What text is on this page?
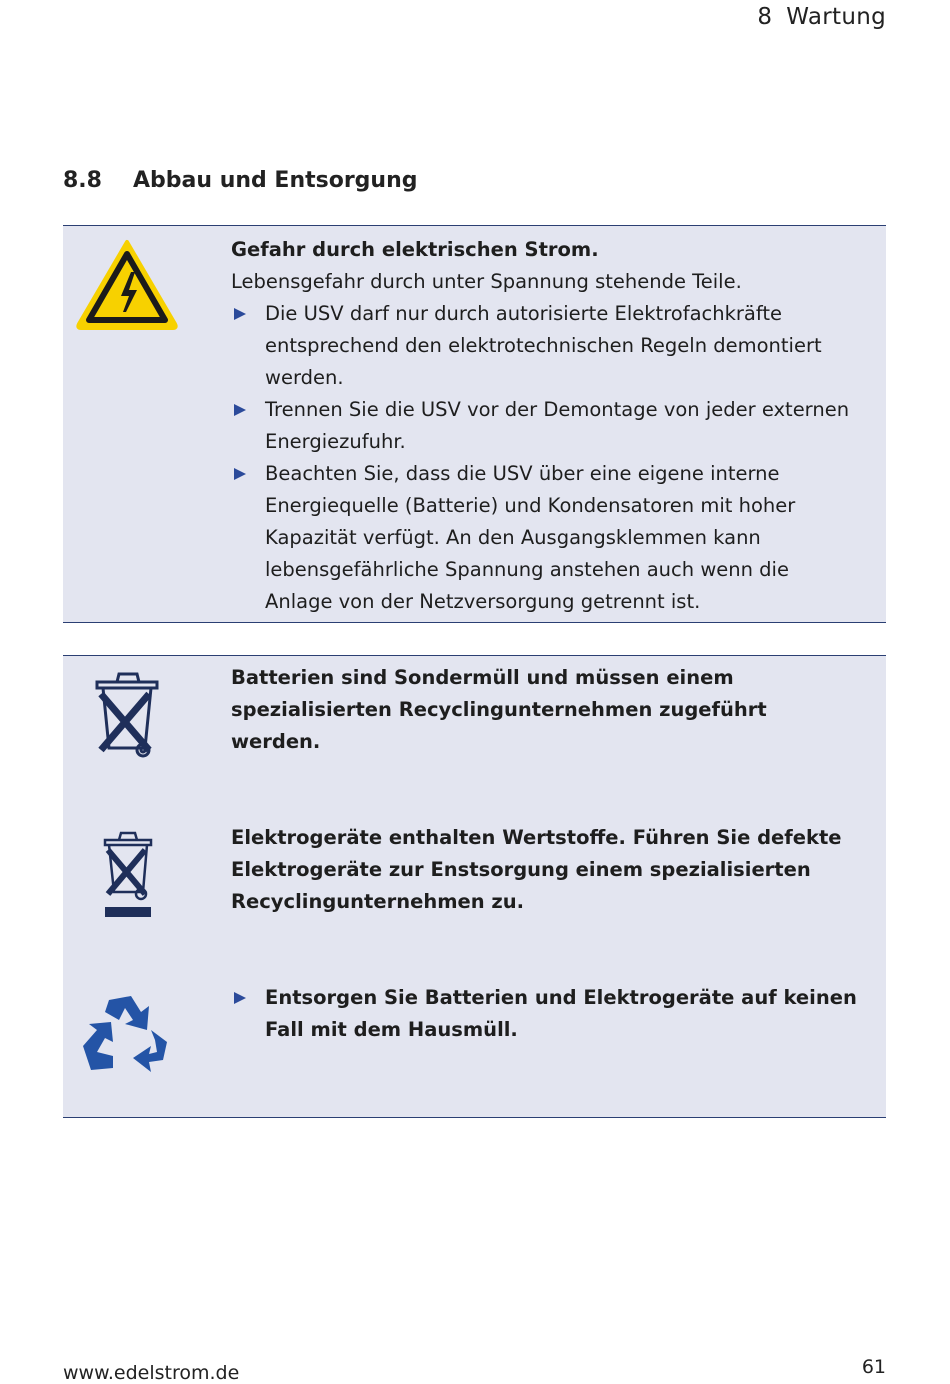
8 Wartung
8.8 Abbau und Entsorgung

Gefahr durch elektrischen Strom.

Lebensgefahr durch unter Spannung stehende Teile.

Die USV darf nur durch autorisierte Elektrofachkräfte entsprechend den elektrotechnischen Regeln demontiert werden.
Trennen Sie die USV vor der Demontage von jeder externen Energiezufuhr.
Beachten Sie, dass die USV über eine eigene interne Energiequelle (Batterie) und Kondensatoren mit hoher Kapazität verfügt. An den Ausgangsklemmen kann lebensgefährliche Spannung anstehen auch wenn die Anlage von der Netzversorgung getrennt ist.
Batterien sind Sondermüll und müssen einem spezialisierten Recyclingunternehmen zugeführt werden.
Elektrogeräte enthalten Wertstoffe. Führen Sie defekte Elektrogeräte zur Enstsorgung einem spezialisierten Recyclingunternehmen zu.
Entsorgen Sie Batterien und Elektrogeräte auf keinen Fall mit dem Hausmüll.
www.edelstrom.de	61
